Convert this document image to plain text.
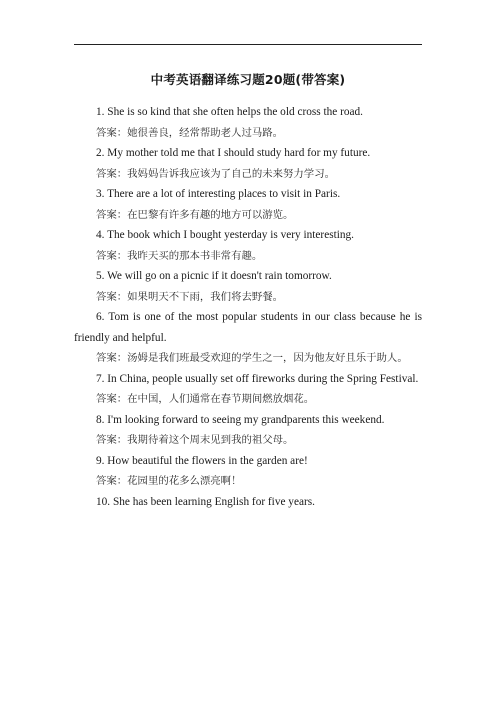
中考英语翻译练习题20题(带答案)

1. She is so kind that she often helps the old cross the road.

答案：她很善良，经常帮助老人过马路。

2. My mother told me that I should study hard for my future.

答案：我妈妈告诉我应该为了自己的未来努力学习。

3. There are a lot of interesting places to visit in Paris.

答案：在巴黎有许多有趣的地方可以游览。

4. The book which I bought yesterday is very interesting.

答案：我昨天买的那本书非常有趣。

5. We will go on a picnic if it doesn't rain tomorrow.

答案：如果明天不下雨，我们将去野餐。

6. Tom is one of the most popular students in our class because he is friendly and helpful.

答案：汤姆是我们班最受欢迎的学生之一，因为他友好且乐于助人。

7. In China, people usually set off fireworks during the Spring Festival.

答案：在中国，人们通常在春节期间燃放烟花。

8. I'm looking forward to seeing my grandparents this weekend.

答案：我期待着这个周末见到我的祖父母。

9. How beautiful the flowers in the garden are!

答案：花园里的花多么漂亮啊！

10. She has been learning English for five years.
